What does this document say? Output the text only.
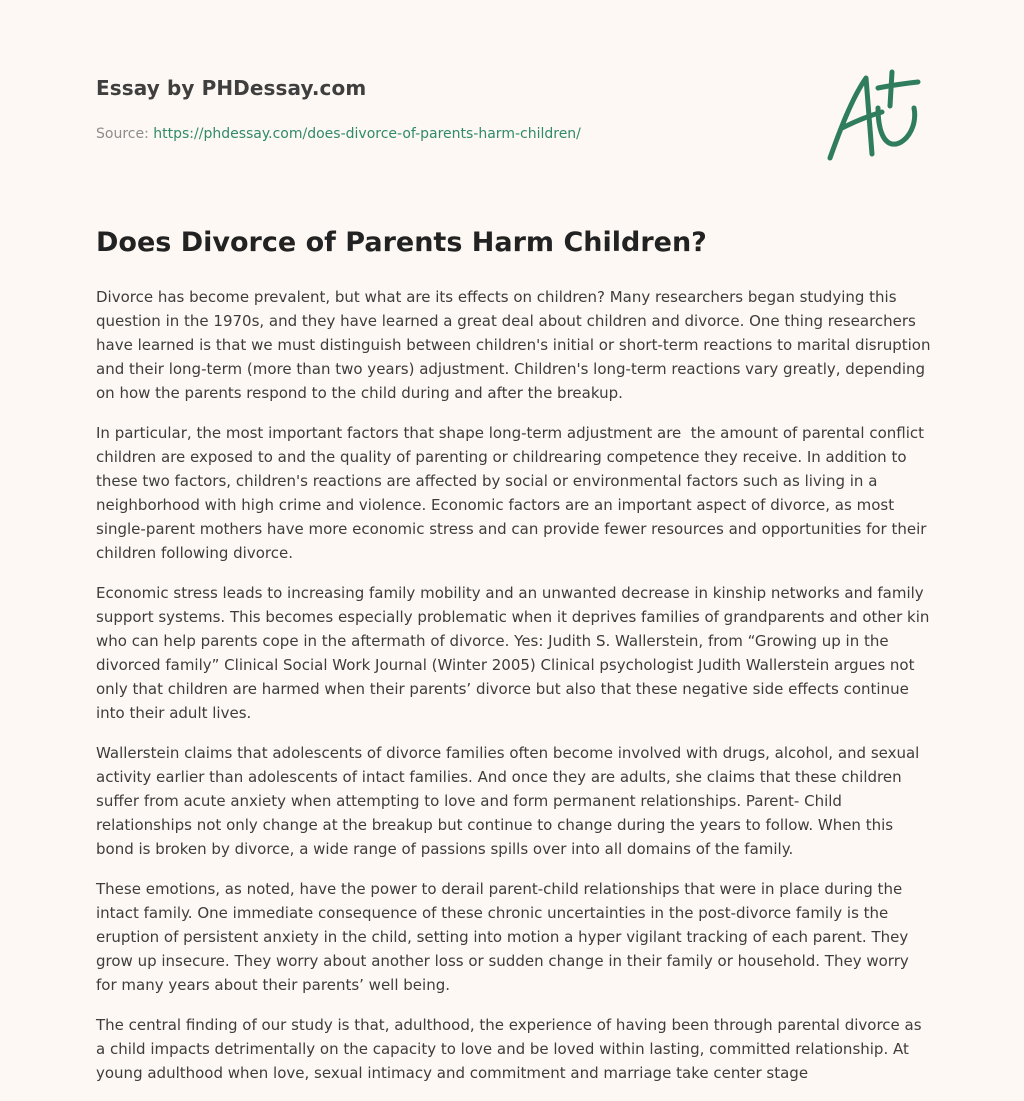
Essay by PHDessay.com
Source: https://phdessay.com/does-divorce-of-parents-harm-children/
Does Divorce of Parents Harm Children?

Divorce has become prevalent, but what are its effects on children? Many researchers began studying this question in the 1970s, and they have learned a great deal about children and divorce. One thing researchers have learned is that we must distinguish between children's initial or short-term reactions to marital disruption and their long-term (more than two years) adjustment. Children's long-term reactions vary greatly, depending on how the parents respond to the child during and after the breakup.

In particular, the most important factors that shape long-term adjustment are  the amount of parental conflict children are exposed to and the quality of parenting or childrearing competence they receive. In addition to these two factors, children's reactions are affected by social or environmental factors such as living in a neighborhood with high crime and violence. Economic factors are an important aspect of divorce, as most single-parent mothers have more economic stress and can provide fewer resources and opportunities for their children following divorce.

Economic stress leads to increasing family mobility and an unwanted decrease in kinship networks and family support systems. This becomes especially problematic when it deprives families of grandparents and other kin who can help parents cope in the aftermath of divorce. Yes: Judith S. Wallerstein, from “Growing up in the divorced family” Clinical Social Work Journal (Winter 2005) Clinical psychologist Judith Wallerstein argues not only that children are harmed when their parents’ divorce but also that these negative side effects continue into their adult lives.

Wallerstein claims that adolescents of divorce families often become involved with drugs, alcohol, and sexual activity earlier than adolescents of intact families. And once they are adults, she claims that these children suffer from acute anxiety when attempting to love and form permanent relationships. Parent- Child relationships not only change at the breakup but continue to change during the years to follow. When this bond is broken by divorce, a wide range of passions spills over into all domains of the family.

These emotions, as noted, have the power to derail parent-child relationships that were in place during the intact family. One immediate consequence of these chronic uncertainties in the post-divorce family is the eruption of persistent anxiety in the child, setting into motion a hyper vigilant tracking of each parent. They grow up insecure. They worry about another loss or sudden change in their family or household. They worry for many years about their parents’ well being.

The central finding of our study is that, adulthood, the experience of having been through parental divorce as a child impacts detrimentally on the capacity to love and be loved within lasting, committed relationship. At young adulthood when love, sexual intimacy and commitment and marriage take center stage
